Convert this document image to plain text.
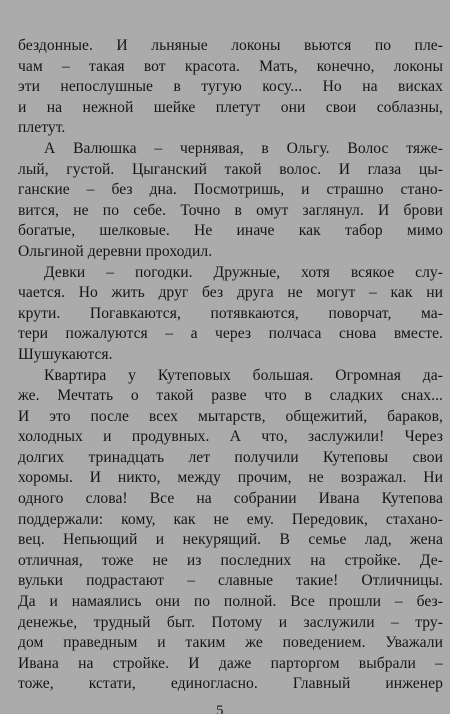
бездонные. И льняные локоны вьются по пле-
чам – такая вот красота. Мать, конечно, локоны
эти непослушные в тугую косу... Но на висках
и на нежной шейке плетут они свои соблазны,
плетут.
А Валюшка – чернявая, в Ольгу. Волос тяже-
лый, густой. Цыганский такой волос. И глаза цы-
ганские – без дна. Посмотришь, и страшно стано-
вится, не по себе. Точно в омут заглянул. И брови
богатые, шелковые. Не иначе как табор мимо
Ольгиной деревни проходил.
Девки – погодки. Дружные, хотя всякое слу-
чается. Но жить друг без друга не могут – как ни
крути. Погавкаются, потявкаются, поворчат, ма-
тери пожалуются – а через полчаса снова вместе.
Шушукаются.
Квартира у Кутеповых большая. Огромная да-
же. Мечтать о такой разве что в сладких снах...
И это после всех мытарств, общежитий, бараков,
холодных и продувных. А что, заслужили! Через
долгих тринадцать лет получили Кутеповы свои
хоромы. И никто, между прочим, не возражал. Ни
одного слова! Все на собрании Ивана Кутепова
поддержали: кому, как не ему. Передовик, стахано-
вец. Непьющий и некурящий. В семье лад, жена
отличная, тоже не из последних на стройке. Де-
вульки подрастают – славные такие! Отличницы.
Да и намаялись они по полной. Все прошли – без-
денежье, трудный быт. Потому и заслужили – тру-
дом праведным и таким же поведением. Уважали
Ивана на стройке. И даже парторгом выбрали –
тоже, кстати, единогласно. Главный инженер
5
